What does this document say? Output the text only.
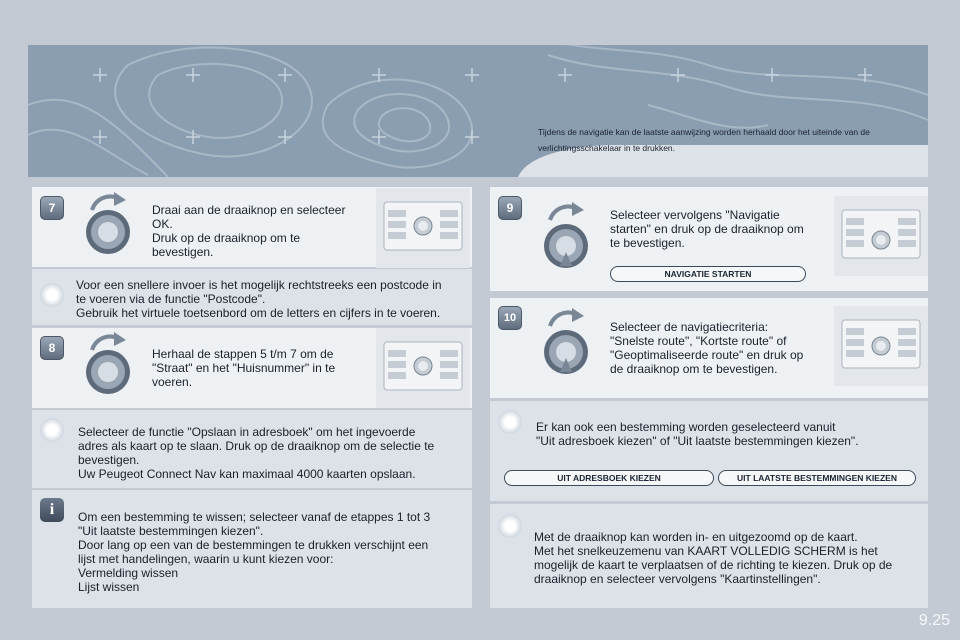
Tijdens de navigatie kan de laatste aanwijzing worden herhaald door het uiteinde van de verlichtingsschakelaar in te drukken.
7	Draai aan de draaiknop en selecteer
OK.
Druk op de draaiknop om te
bevestigen.
Voor een snellere invoer is het mogelijk rechtstreeks een postcode in
te voeren via de functie "Postcode".
Gebruik het virtuele toetsenbord om de letters en cijfers in te voeren.
8	Herhaal de stappen 5 t/m 7 om de
"Straat" en het "Huisnummer" in te
voeren.
Selecteer de functie "Opslaan in adresboek" om het ingevoerde
adres als kaart op te slaan. Druk op de draaiknop om de selectie te
bevestigen.
Uw Peugeot Connect Nav kan maximaal 4000 kaarten opslaan.
i	Om een bestemming te wissen; selecteer vanaf de etappes 1 tot 3
"Uit laatste bestemmingen kiezen".
Door lang op een van de bestemmingen te drukken verschijnt een
lijst met handelingen, waarin u kunt kiezen voor:
Vermelding wissen
Lijst wissen
9	Selecteer vervolgens "Navigatie
starten" en druk op de draaiknop om
te bevestigen.
NAVIGATIE STARTEN
10
Selecteer de navigatiecriteria:
"Snelste route", "Kortste route" of
"Geoptimaliseerde route" en druk op
de draaiknop om te bevestigen.
Er kan ook een bestemming worden geselecteerd vanuit
"Uit adresboek kiezen" of "Uit laatste bestemmingen kiezen".
UIT ADRESBOEK KIEZEN	UIT LAATSTE BESTEMMINGEN KIEZEN
Met de draaiknop kan worden in- en uitgezoomd op de kaart.
Met het snelkeuzemenu van KAART VOLLEDIG SCHERM is het
mogelijk de kaart te verplaatsen of de richting te kiezen. Druk op de
draaiknop en selecteer vervolgens "Kaartinstellingen".
9.25
